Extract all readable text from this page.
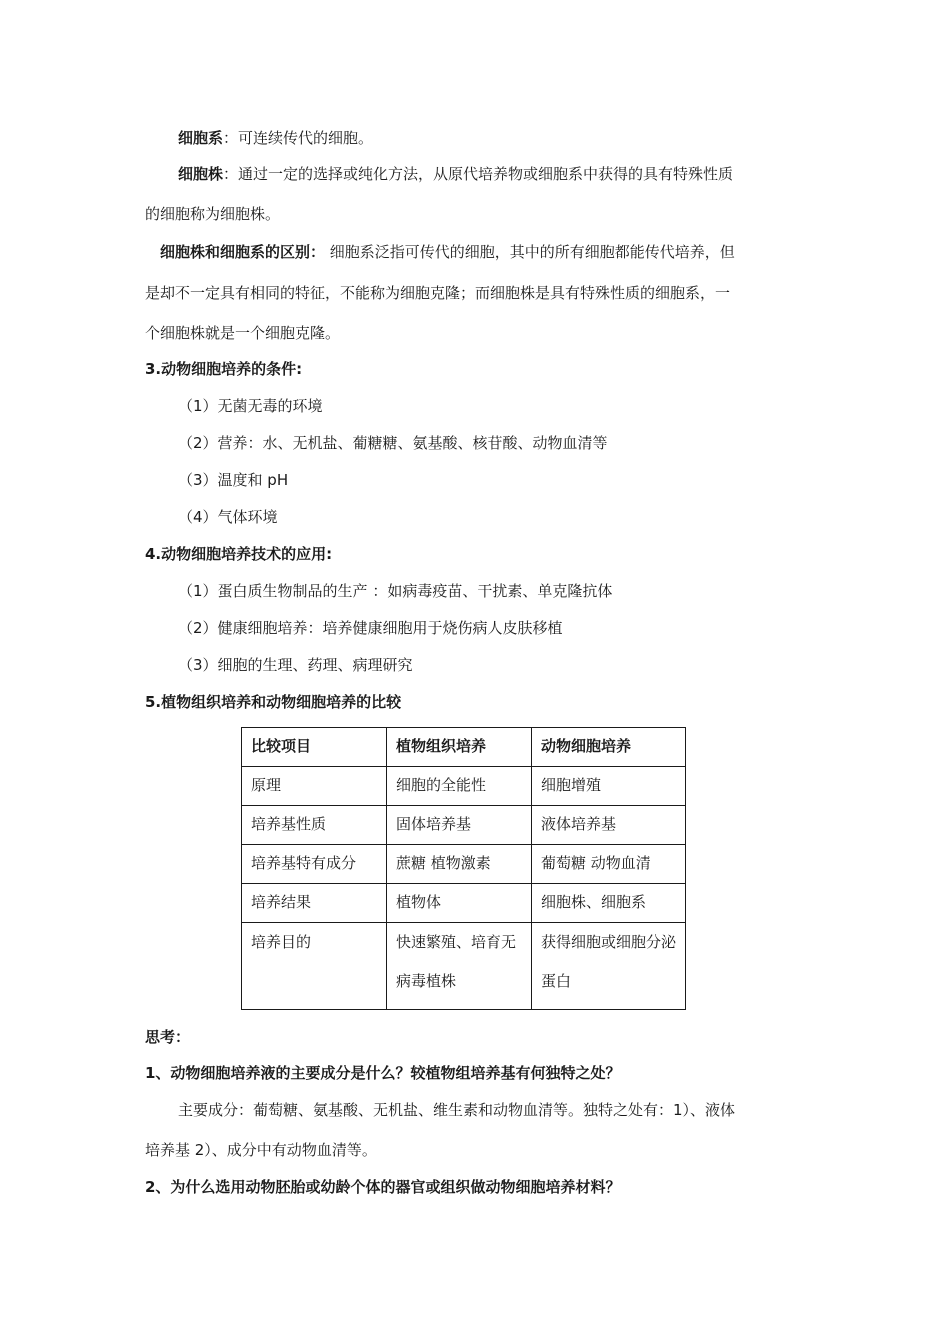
细胞系：可连续传代的细胞。
细胞株：通过一定的选择或纯化方法，从原代培养物或细胞系中获得的具有特殊性质
的细胞称为细胞株。
细胞株和细胞系的区别： 细胞系泛指可传代的细胞，其中的所有细胞都能传代培养，但
是却不一定具有相同的特征，不能称为细胞克隆；而细胞株是具有特殊性质的细胞系，一
个细胞株就是一个细胞克隆。
3.动物细胞培养的条件:
（1）无菌无毒的环境
（2）营养：水、无机盐、葡糖糖、氨基酸、核苷酸、动物血清等
（3）温度和 pH
（4）气体环境
4.动物细胞培养技术的应用:
（1）蛋白质生物制品的生产 ：如病毒疫苗、干扰素、单克隆抗体
（2）健康细胞培养：培养健康细胞用于烧伤病人皮肤移植
（3）细胞的生理、药理、病理研究
5.植物组织培养和动物细胞培养的比较
比较项目	植物组织培养	动物细胞培养
原理	细胞的全能性	细胞增殖
培养基性质	固体培养基	液体培养基
培养基特有成分	蔗糖 植物激素	葡萄糖 动物血清
培养结果	植物体	细胞株、细胞系
培养目的	快速繁殖、培育无病毒植株	获得细胞或细胞分泌蛋白
思考：
1、动物细胞培养液的主要成分是什么？较植物组培养基有何独特之处？
主要成分：葡萄糖、氨基酸、无机盐、维生素和动物血清等。独特之处有：1）、液体
培养基 2）、成分中有动物血清等。
2、为什么选用动物胚胎或幼龄个体的器官或组织做动物细胞培养材料？
